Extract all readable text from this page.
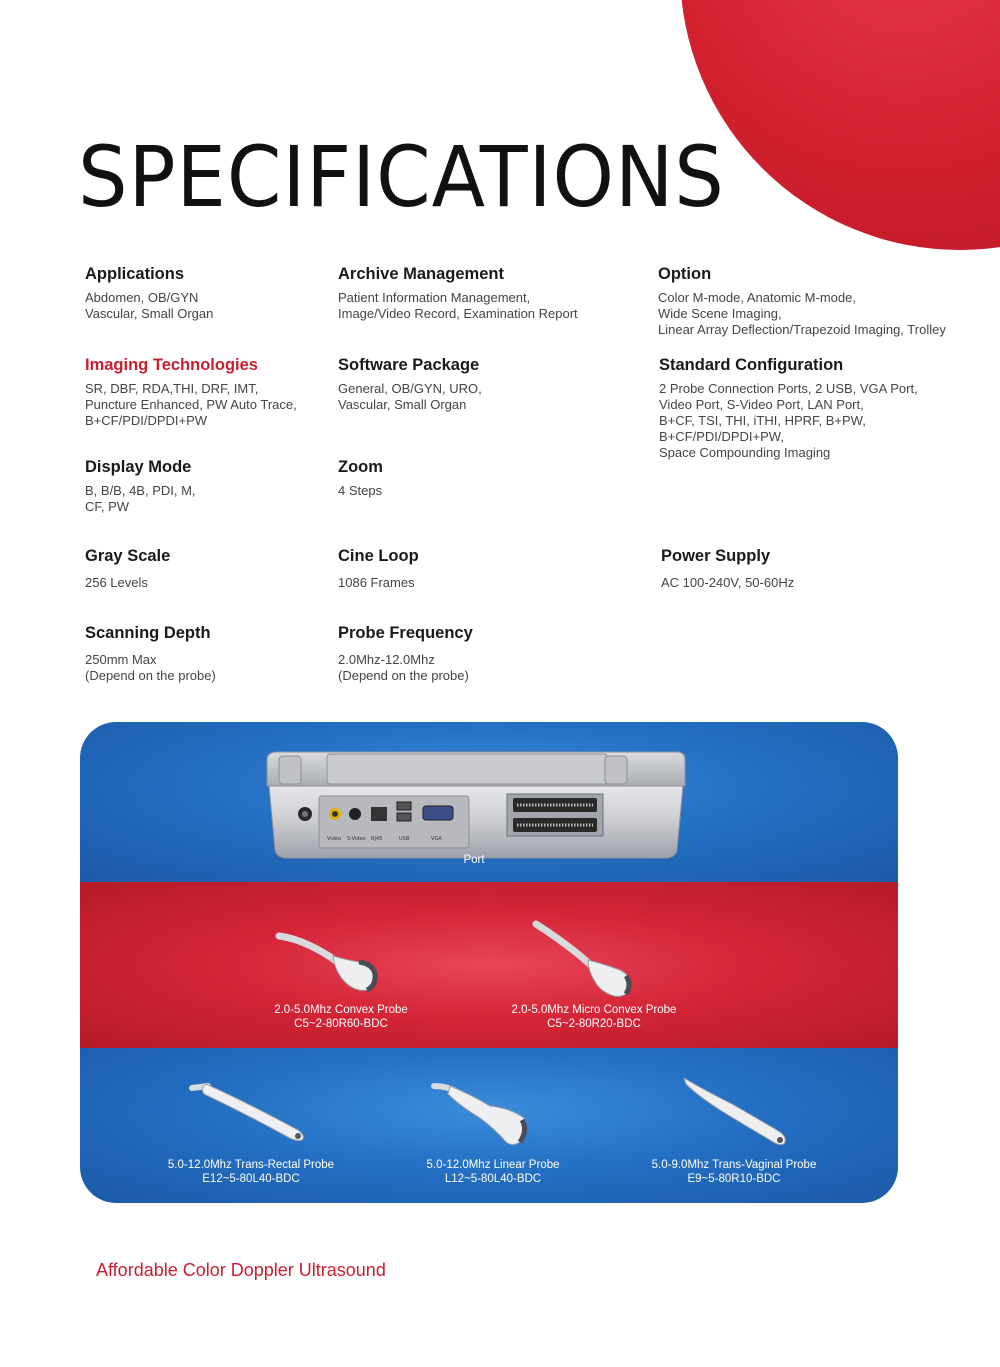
SPECIFICATIONS
Applications
Abdomen, OB/GYN
Vascular, Small Organ
Archive Management
Patient Information Management,
Image/Video Record, Examination Report
Option
Color M-mode, Anatomic M-mode,
Wide Scene Imaging,
Linear Array Deflection/Trapezoid Imaging, Trolley
Imaging Technologies
SR, DBF, RDA,THI, DRF, IMT,
Puncture Enhanced, PW Auto Trace,
B+CF/PDI/DPDI+PW
Software Package
General, OB/GYN, URO,
Vascular, Small Organ
Standard Configuration
2 Probe Connection Ports, 2 USB, VGA Port,
Video Port, S-Video Port, LAN Port,
B+CF, TSI, THI, iTHI, HPRF, B+PW,
B+CF/PDI/DPDI+PW,
Space Compounding Imaging
Display Mode
B, B/B, 4B, PDI, M,
CF, PW
Zoom
4 Steps
Gray Scale
256 Levels
Cine Loop
1086 Frames
Power Supply
AC 100-240V, 50-60Hz
Scanning Depth
250mm Max
(Depend on the probe)
Probe Frequency
2.0Mhz-12.0Mhz
(Depend on the probe)
Video S-Video RJ45	USB	VGA
Port
2.0-5.0Mhz Convex Probe
C5~2-80R60-BDC
2.0-5.0Mhz Micro Convex Probe
C5~2-80R20-BDC
5.0-12.0Mhz Trans-Rectal Probe
E12~5-80L40-BDC
5.0-12.0Mhz Linear Probe
L12~5-80L40-BDC
5.0-9.0Mhz Trans-Vaginal Probe
E9~5-80R10-BDC
Affordable Color Doppler Ultrasound
